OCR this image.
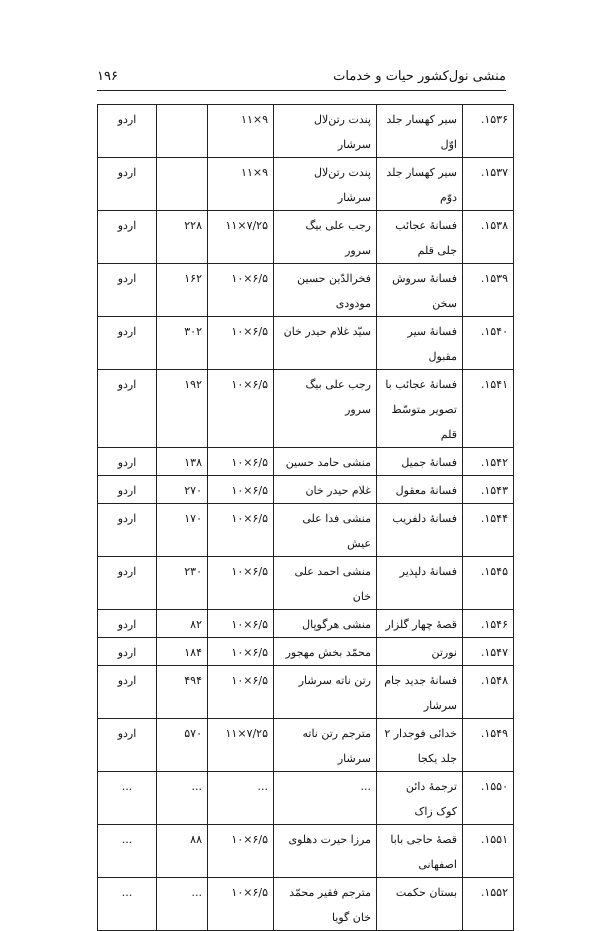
منشی نول‌کشور حیات و خدمات
۱۹۶
۱۵۳۶.	سیر کهسار جلد اوّل	پندت رتن‌لال سرشار	۹×۱۱		اردو
۱۵۳۷.	سیر کهسار جلد دوّم	پندت رتن‌لال سرشار	۹×۱۱		اردو
۱۵۳۸.	فسانهٔ عجائب جلی قلم	رجب علی بیگ سرور	۷/۲۵×۱۱	۲۲۸	اردو
۱۵۳۹.	فسانهٔ سروش سخن	فخرالدّین حسین مودودی	۶/۵×۱۰	۱۶۲	اردو
۱۵۴۰.	فسانهٔ سیر مقبول	سیّد غلام حیدر خان	۶/۵×۱۰	۳۰۲	اردو
۱۵۴۱.	فسانهٔ عجائب با تصویر متوسّط قلم	رجب علی بیگ سرور	۶/۵×۱۰	۱۹۲	اردو
۱۵۴۲.	فسانهٔ جمیل	منشی حامد حسین	۶/۵×۱۰	۱۳۸	اردو
۱۵۴۳.	فسانهٔ معقول	غلام حیدر خان	۶/۵×۱۰	۲۷۰	اردو
۱۵۴۴.	فسانهٔ دلفریب	منشی فدا علی عیش	۶/۵×۱۰	۱۷۰	اردو
۱۵۴۵.	فسانهٔ دلپذیر	منشی احمد علی خان	۶/۵×۱۰	۲۳۰	اردو
۱۵۴۶.	قصهٔ چهار گلزار	منشی هرگوپال	۶/۵×۱۰	۸۲	اردو
۱۵۴۷.	نورتن	محمّد بخش مهجور	۶/۵×۱۰	۱۸۴	اردو
۱۵۴۸.	فسانهٔ جدید جام سرشار	رتن ناته سرشار	۶/۵×۱۰	۴۹۴	اردو
۱۵۴۹.	خدائی فوجدار ۲ جلد یکجا	مترجم رتن ناته سرشار	۷/۲۵×۱۱	۵۷۰	اردو
۱۵۵۰.	ترجمهٔ دائن کوک زاک	...	...	...	...
۱۵۵۱.	قصهٔ حاجی بابا اصفهانی	مرزا حیرت دهلوی	۶/۵×۱۰	۸۸	...
۱۵۵۲.	بستان حکمت	مترجم فقیر محمّد خان گویا	۶/۵×۱۰	...	...
